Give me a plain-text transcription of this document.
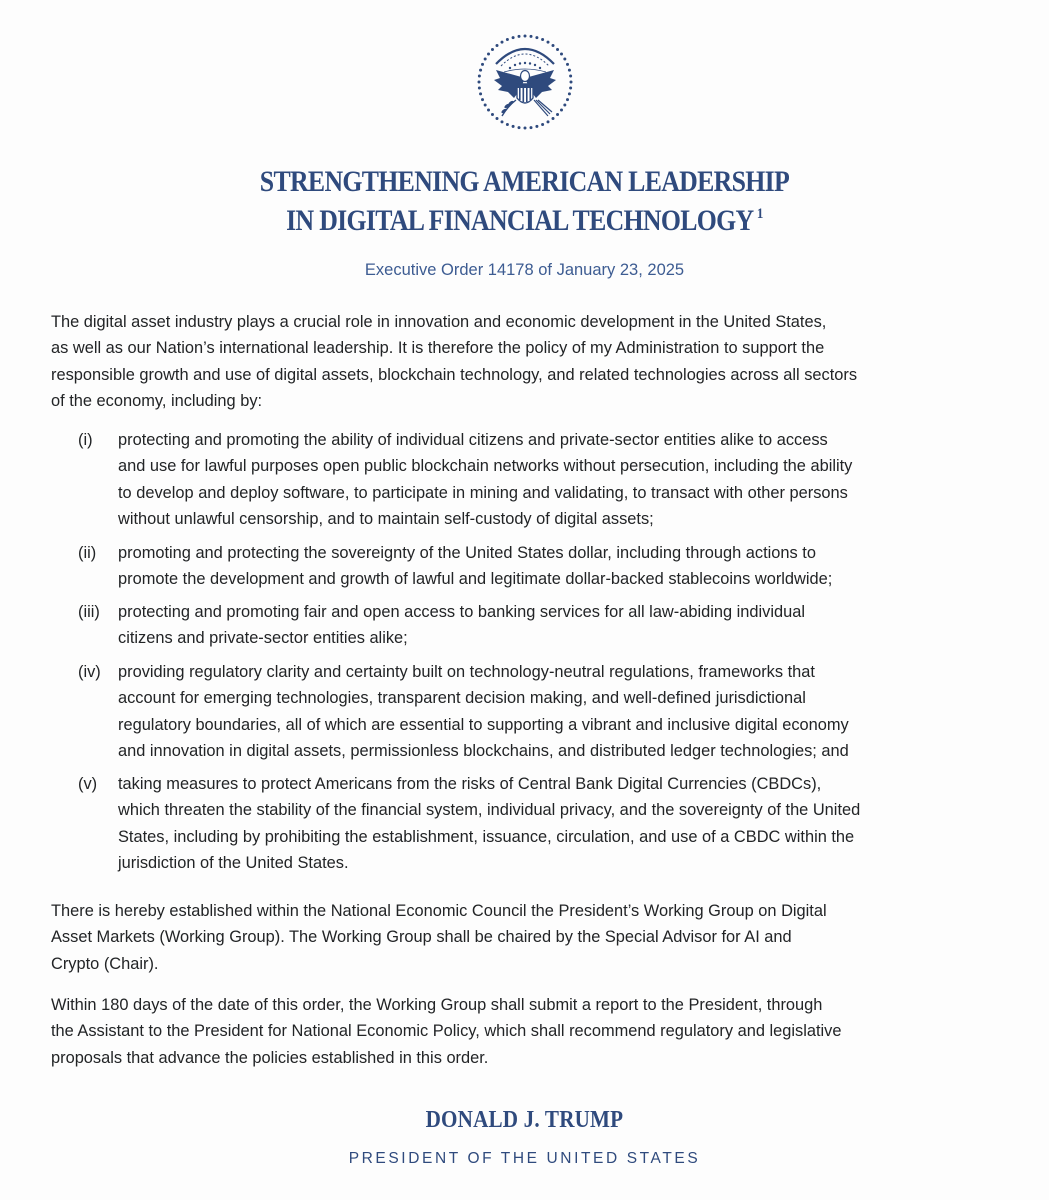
STRENGTHENING AMERICAN LEADERSHIP
IN DIGITAL FINANCIAL TECHNOLOGY $^1$
Executive Order 14178 of January 23, 2025
The digital asset industry plays a crucial role in innovation and economic development in the United States,
as well as our Nation’s international leadership. It is therefore the policy of my Administration to support the
responsible growth and use of digital assets, blockchain technology, and related technologies across all sectors
of the economy, including by:
(i)	protecting and promoting the ability of individual citizens and private-sector entities alike to access
and use for lawful purposes open public blockchain networks without persecution, including the ability
to develop and deploy software, to participate in mining and validating, to transact with other persons
without unlawful censorship, and to maintain self-custody of digital assets;
(ii)	promoting and protecting the sovereignty of the United States dollar, including through actions to
promote the development and growth of lawful and legitimate dollar-backed stablecoins worldwide;
(iii)	protecting and promoting fair and open access to banking services for all law-abiding individual
citizens and private-sector entities alike;
(iv)	providing regulatory clarity and certainty built on technology-neutral regulations, frameworks that
account for emerging technologies, transparent decision making, and well-defined jurisdictional
regulatory boundaries, all of which are essential to supporting a vibrant and inclusive digital economy
and innovation in digital assets, permissionless blockchains, and distributed ledger technologies; and
(v)	taking measures to protect Americans from the risks of Central Bank Digital Currencies (CBDCs),
which threaten the stability of the financial system, individual privacy, and the sovereignty of the United
States, including by prohibiting the establishment, issuance, circulation, and use of a CBDC within the
jurisdiction of the United States.
There is hereby established within the National Economic Council the President’s Working Group on Digital
Asset Markets (Working Group). The Working Group shall be chaired by the Special Advisor for AI and
Crypto (Chair).
Within 180 days of the date of this order, the Working Group shall submit a report to the President, through
the Assistant to the President for National Economic Policy, which shall recommend regulatory and legislative
proposals that advance the policies established in this order.
DONALD J. TRUMP
PRESIDENT OF THE UNITED STATES
